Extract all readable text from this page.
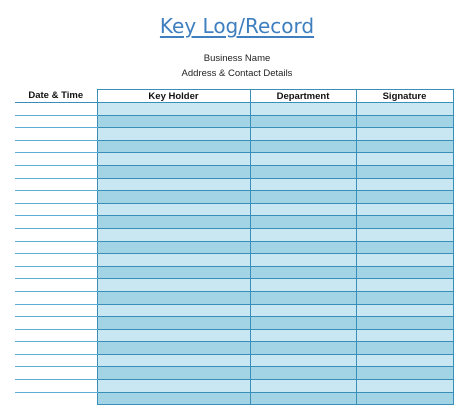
Key Log/Record
Business Name
Address & Contact Details
Date & Time	Key Holder	Department	Signature
